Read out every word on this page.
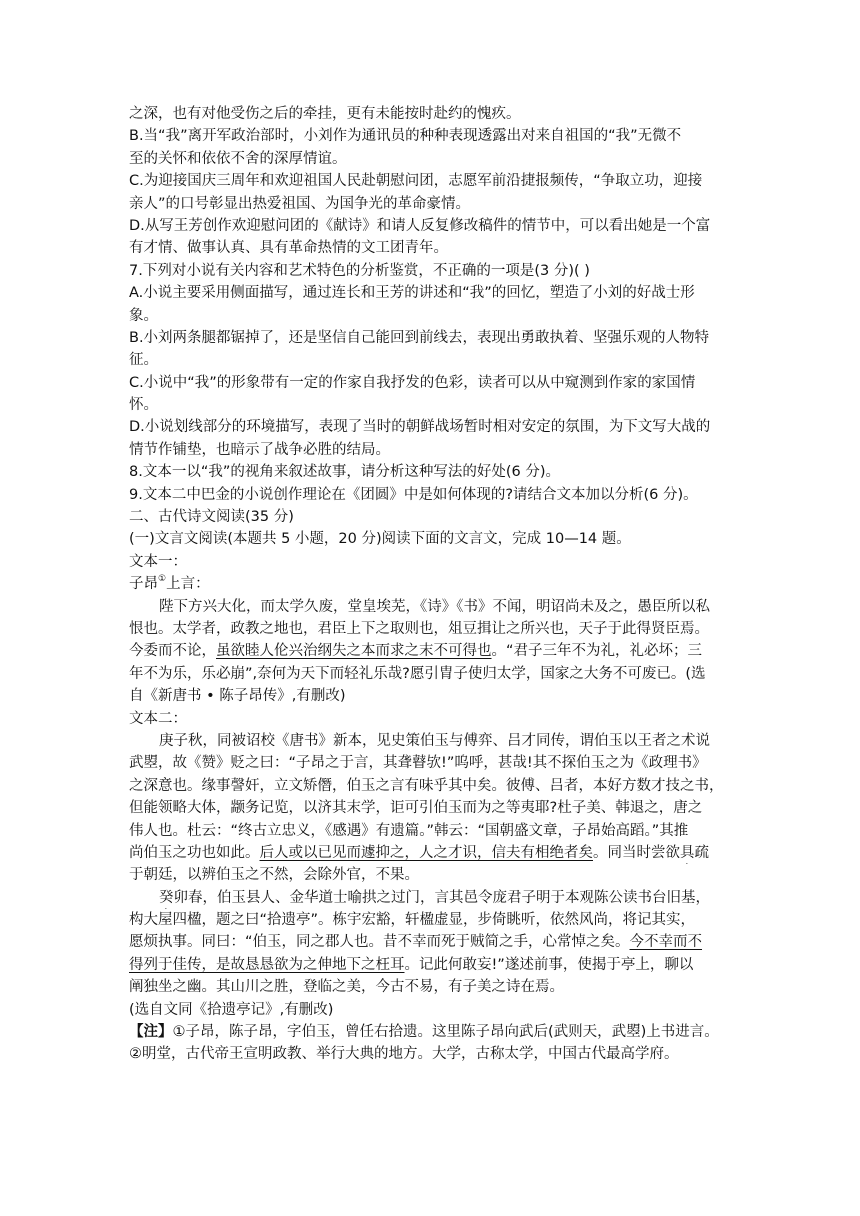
之深，也有对他受伤之后的牵挂，更有未能按时赴约的愧疚。
B.当“我”离开军政治部时，小刘作为通讯员的种种表现透露出对来自祖国的“我”无微不
至的关怀和依依不舍的深厚情谊。
C.为迎接国庆三周年和欢迎祖国人民赴朝慰问团，志愿军前沿捷报频传，“争取立功，迎接
亲人”的口号彰显出热爱祖国、为国争光的革命豪情。
D.从写王芳创作欢迎慰问团的《献诗》和请人反复修改稿件的情节中，可以看出她是一个富
有才情、做事认真、具有革命热情的文工团青年。
7.下列对小说有关内容和艺术特色的分析鉴赏，不正确的一项是(3 分)( )
A.小说主要采用侧面描写，通过连长和王芳的讲述和“我”的回忆，塑造了小刘的好战士形
象。
B.小刘两条腿都锯掉了，还是坚信自己能回到前线去，表现出勇敢执着、坚强乐观的人物特
征。
C.小说中“我”的形象带有一定的作家自我抒发的色彩，读者可以从中窥测到作家的家国情
怀。
D.小说划线部分的环境描写，表现了当时的朝鲜战场暂时相对安定的氛围，为下文写大战的
情节作铺垫，也暗示了战争必胜的结局。
8.文本一以“我”的视角来叙述故事，请分析这种写法的好处(6 分)。
9.文本二中巴金的小说创作理论在《团圆》中是如何体现的?请结合文本加以分析(6 分)。
二、古代诗文阅读(35 分)
(一)文言文阅读(本题共 5 小题，20 分)阅读下面的文言文，完成 10—14 题。
文本一：
子昂①上言：
陛下方兴大化，而太学久废，堂皇埃芜，《诗》《书》不闻，明诏尚未及之，愚臣所以私
恨也。太学者，政教之地也，君臣上下之取则也，俎豆揖让之所兴也，天子于此得贤臣焉。
今委而不论，虽欲睦人伦兴治纲失之本而求之末不可得也。“君子三年不为礼，礼必坏；三
年不为乐，乐必崩”,奈何为天下而轻礼乐哉?愿引胄子使归太学，国家之大务不可废已。(选
自《新唐书 • 陈子昂传》,有删改)
文本二：
庚子秋，同被诏校《唐书》新本，见史策伯玉与傅弈、吕才同传，谓伯玉以王者之术说
武曌，故《赞》贬之曰：“子昂之于言，其聋瞽欤!”呜呼，甚哉!其不探伯玉之为《政理书》
之深意也。缘事謦奸，立文矫僭，伯玉之言有味乎其中矣。彼傅、吕者，本好方数才技之书，
但能领略大体，颛务记览，以济其末学，讵可引伯玉而为之等夷耶?杜子美、韩退之，唐之
伟人也。杜云：“终古立忠义，《感遇》有遗篇。”韩云：“国朝盛文章，子昂始高蹈。”其推
尚伯玉之功也如此。后人或以已见而遽抑之，人之才识，信夫有相绝者矣。同当时尝欲具疏
于朝廷，以辨伯玉之不然，会除外官，不果。
癸卯春，伯玉县人、金华道士喻拱之过门，言其邑令庞君子明于本观陈公读书台旧基，
构大屋四楹，题之曰“拾遗亭”。栋宇宏豁，轩楹虚显，步倚眺听，依然风尚，将记其实，
愿烦执事。同曰：“伯玉，同之郡人也。昔不幸而死于贼简之手，心常悼之矣。今不幸而不
得列于佳传，是故恳恳欲为之伸地下之枉耳。记此何敢妄!”遂述前事，使揭于亭上，聊以
阐独坐之幽。其山川之胜，登临之美，今古不易，有子美之诗在焉。
(选自文同《拾遗亭记》,有删改)
【注】①子昂，陈子昂，字伯玉，曾任右拾遗。这里陈子昂向武后(武则天，武曌)上书进言。
②明堂，古代帝王宣明政教、举行大典的地方。大学，古称太学，中国古代最高学府。
